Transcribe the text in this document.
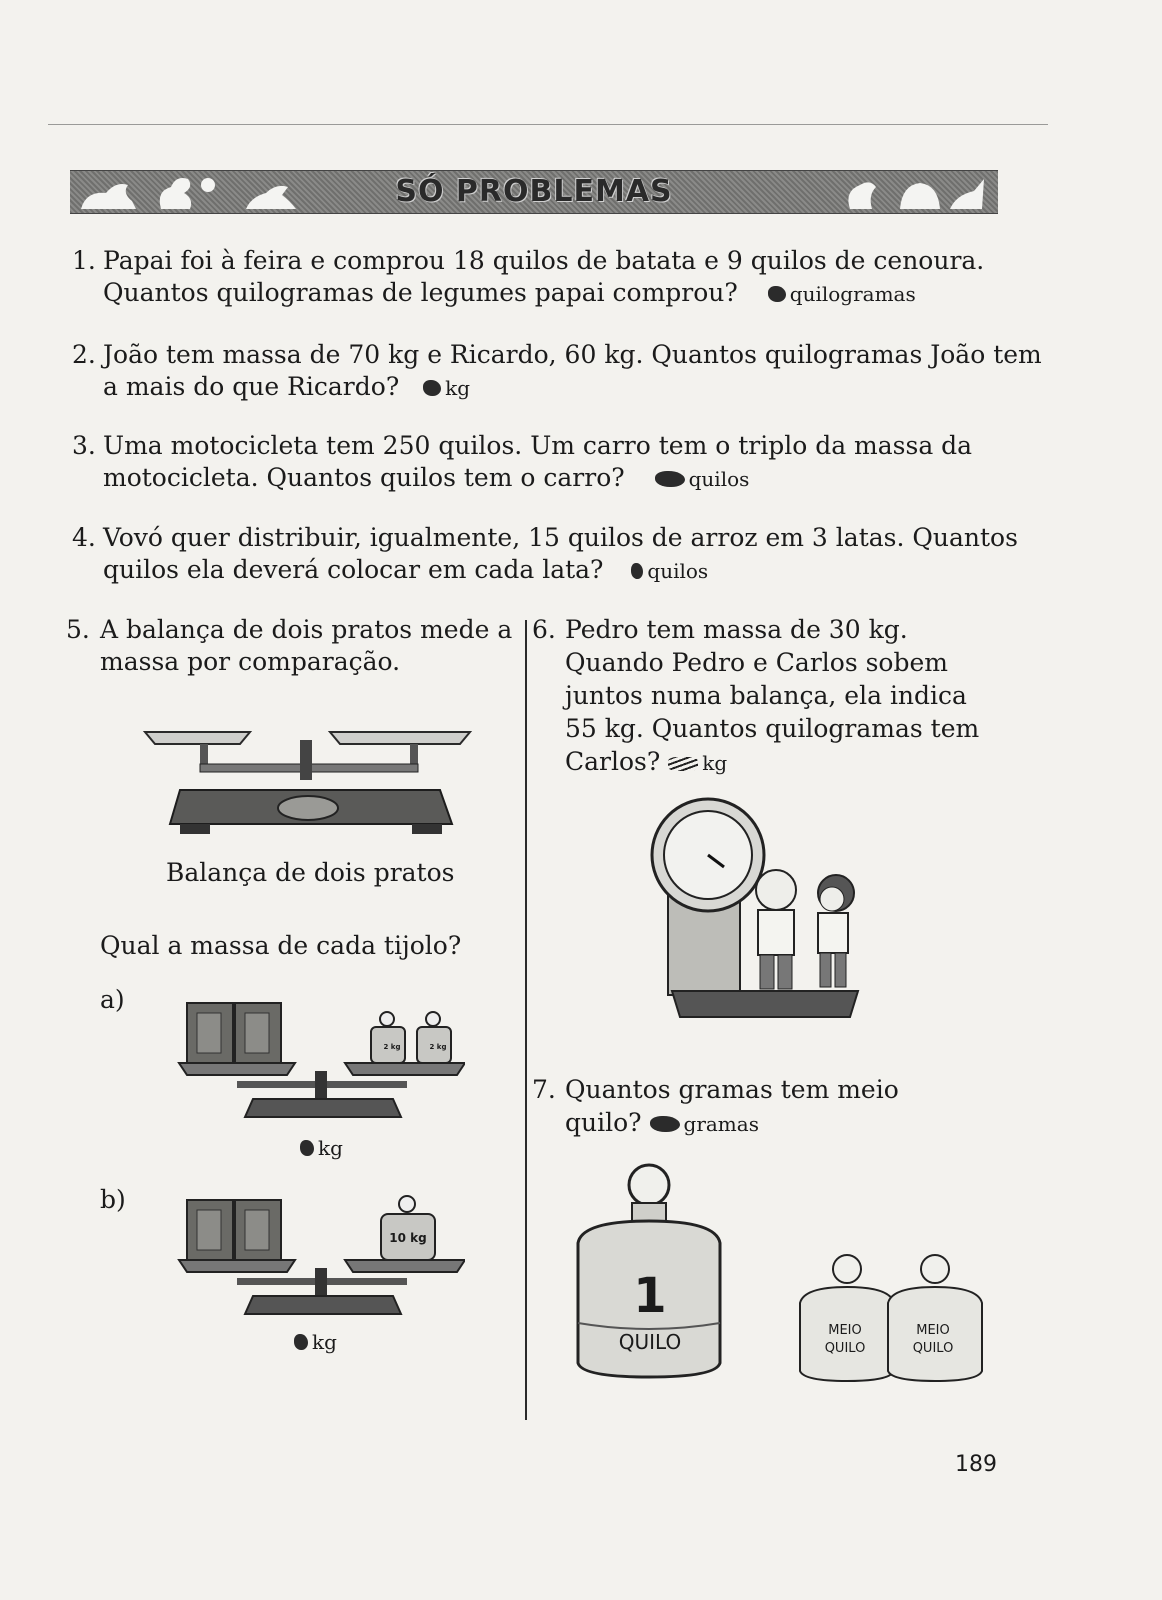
SÓ PROBLEMAS
1. Papai foi à feira e comprou 18 quilos de batata e 9 quilos de cenoura.
Quantos quilogramas de legumes papai comprou?	quilogramas
2. João tem massa de 70 kg e Ricardo, 60 kg. Quantos quilogramas João tem
a mais do que Ricardo? kg
3. Uma motocicleta tem 250 quilos. Um carro tem o triplo da massa da
motocicleta. Quantos quilos tem o carro?	quilos
4. Vovó quer distribuir, igualmente, 15 quilos de arroz em 3 latas. Quantos
quilos ela deverá colocar em cada lata? quilos
5. A balança de dois pratos mede a
massa por comparação.
Balança de dois pratos
Qual a massa de cada tijolo?
a)
2 kg	2 kg
kg
b)
10 kg
kg
6. Pedro tem massa de 30 kg.
Quando Pedro e Carlos sobem
juntos numa balança, ela indica
55 kg. Quantos quilogramas tem
Carlos? kg
7. Quantos gramas tem meio
quilo? gramas
1
QUILO	MEIO
QUILO
MEIO
QUILO
189
